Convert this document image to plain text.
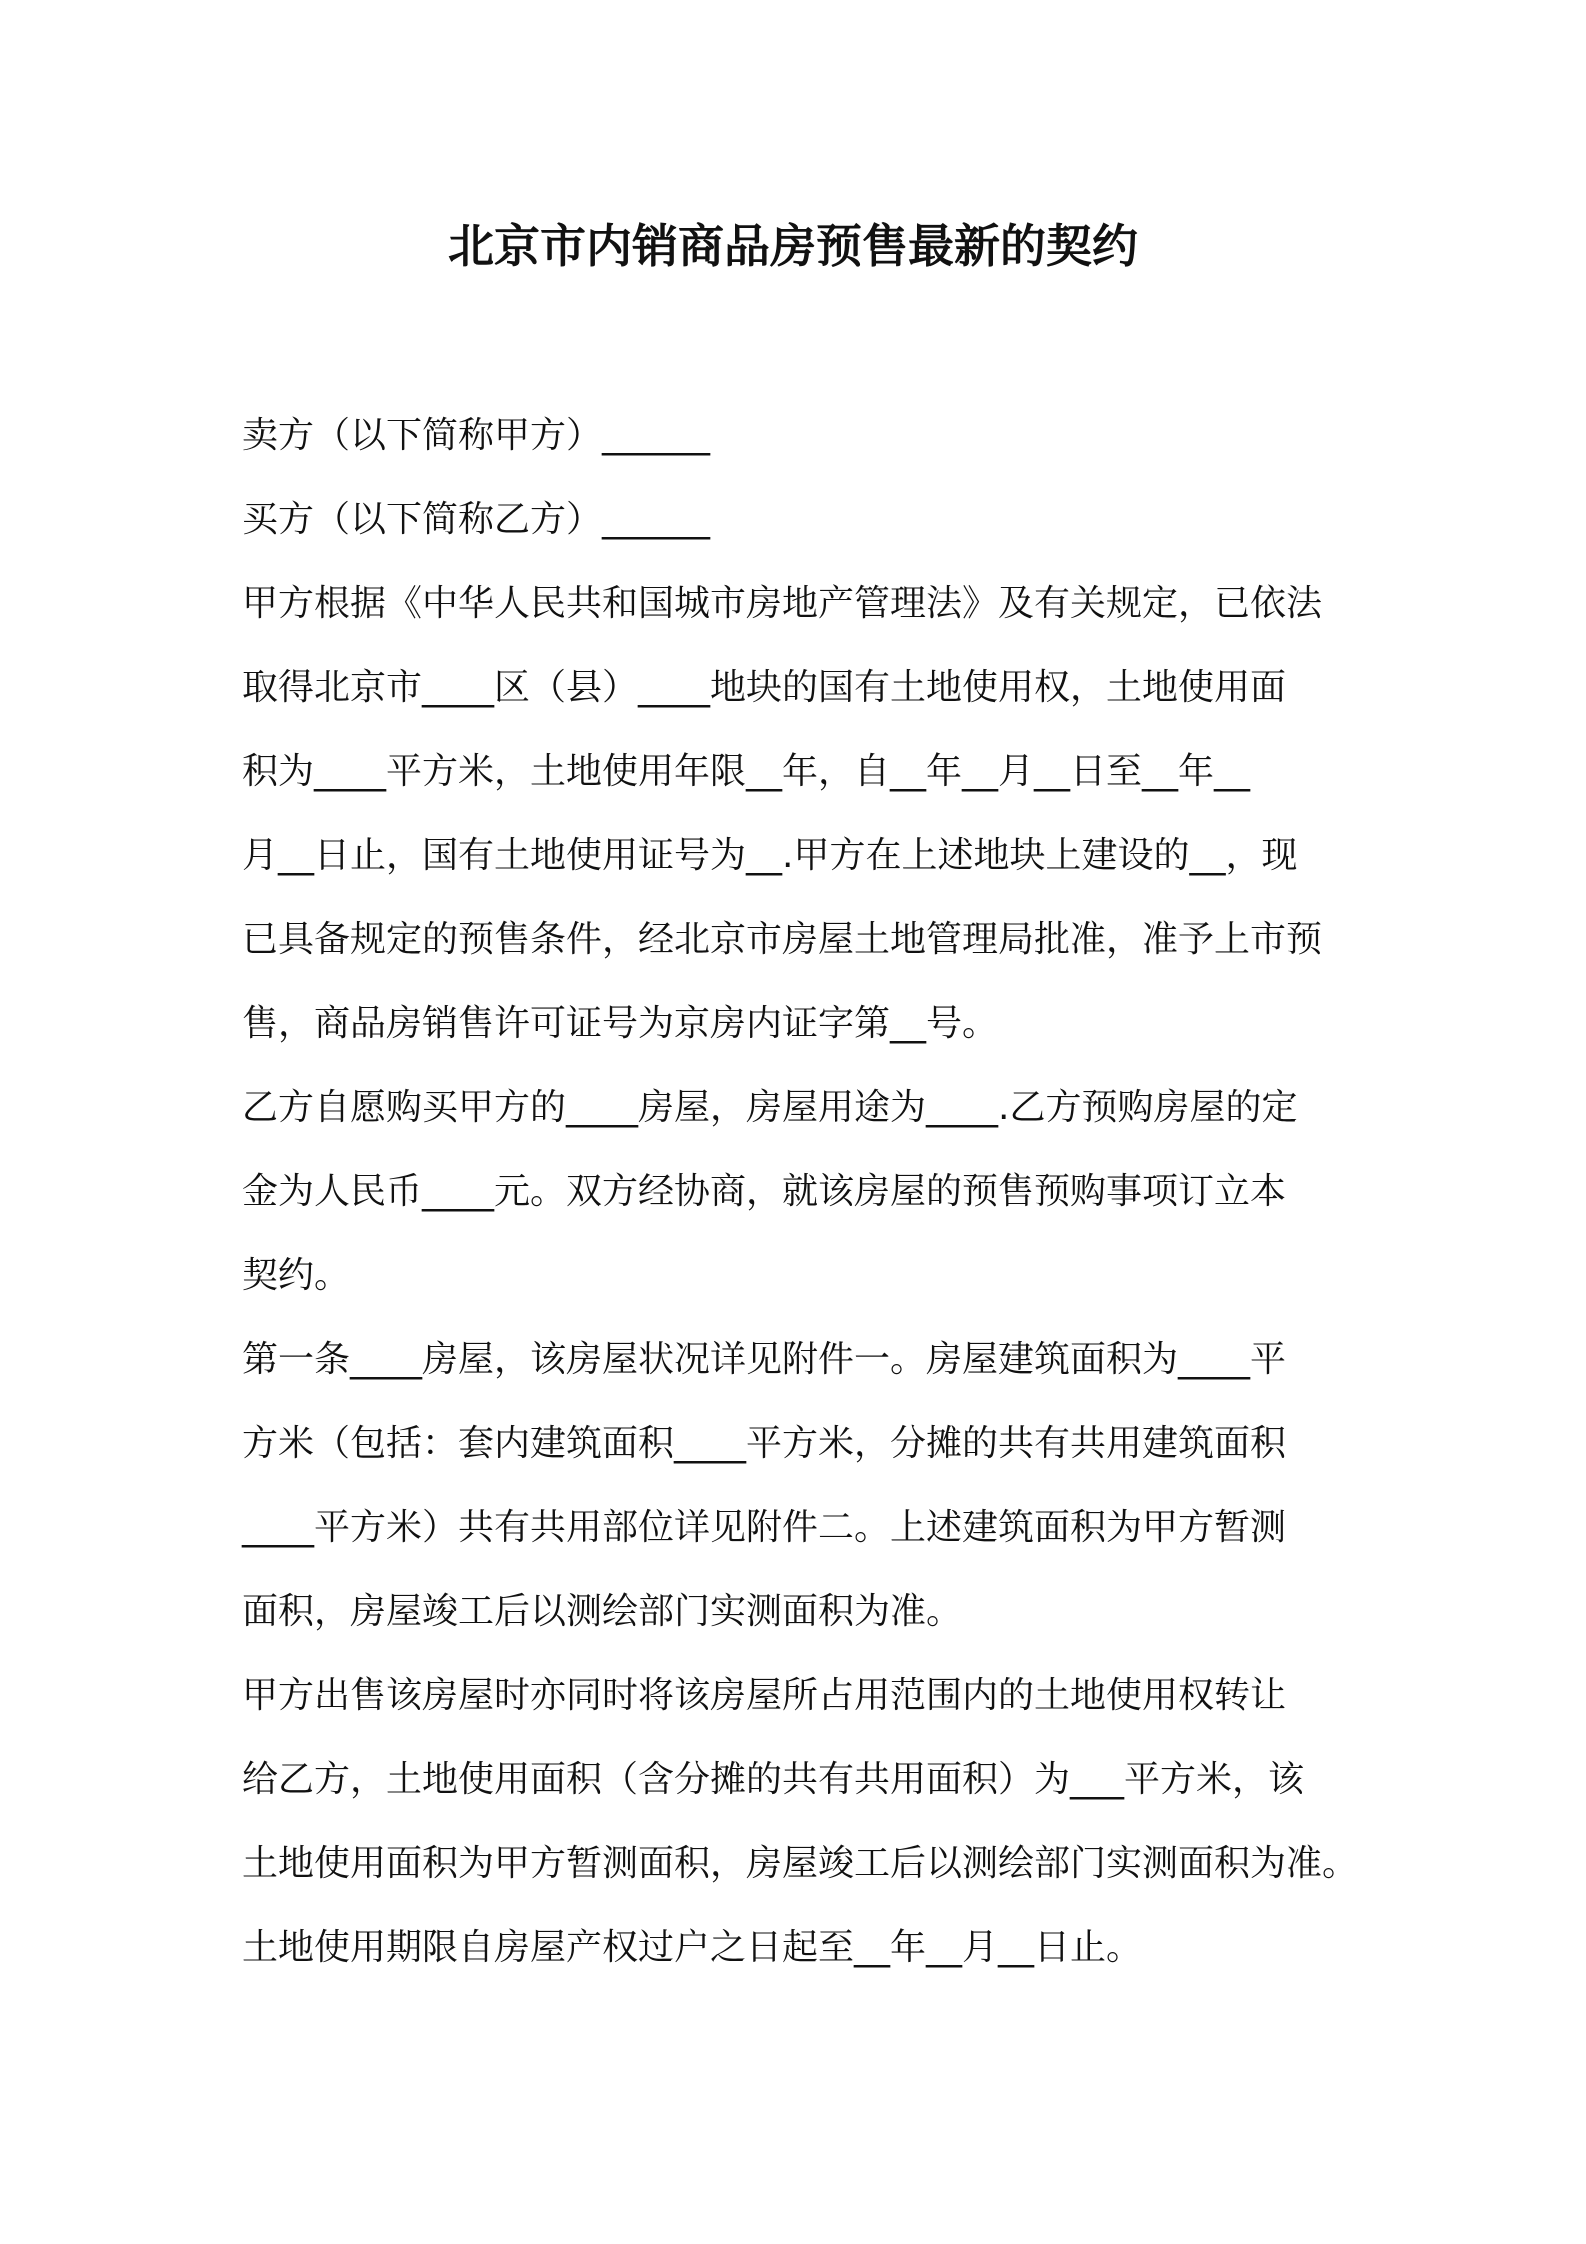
北京市内销商品房预售最新的契约
卖方（以下简称甲方）______
买方（以下简称乙方）______
甲方根据《中华人民共和国城市房地产管理法》及有关规定，已依法
取得北京市____区（县）____地块的国有土地使用权，土地使用面
积为____平方米，土地使用年限__年，自__年__月__日至__年__
月__日止，国有土地使用证号为__.甲方在上述地块上建设的__，现
已具备规定的预售条件，经北京市房屋土地管理局批准，准予上市预
售，商品房销售许可证号为京房内证字第__号。
乙方自愿购买甲方的____房屋，房屋用途为____.乙方预购房屋的定
金为人民币____元。双方经协商，就该房屋的预售预购事项订立本
契约。
第一条____房屋，该房屋状况详见附件一。房屋建筑面积为____平
方米（包括：套内建筑面积____平方米，分摊的共有共用建筑面积
____平方米）共有共用部位详见附件二。上述建筑面积为甲方暂测
面积，房屋竣工后以测绘部门实测面积为准。
甲方出售该房屋时亦同时将该房屋所占用范围内的土地使用权转让
给乙方，土地使用面积（含分摊的共有共用面积）为___平方米，该
土地使用面积为甲方暂测面积，房屋竣工后以测绘部门实测面积为准。
土地使用期限自房屋产权过户之日起至__年__月__日止。
